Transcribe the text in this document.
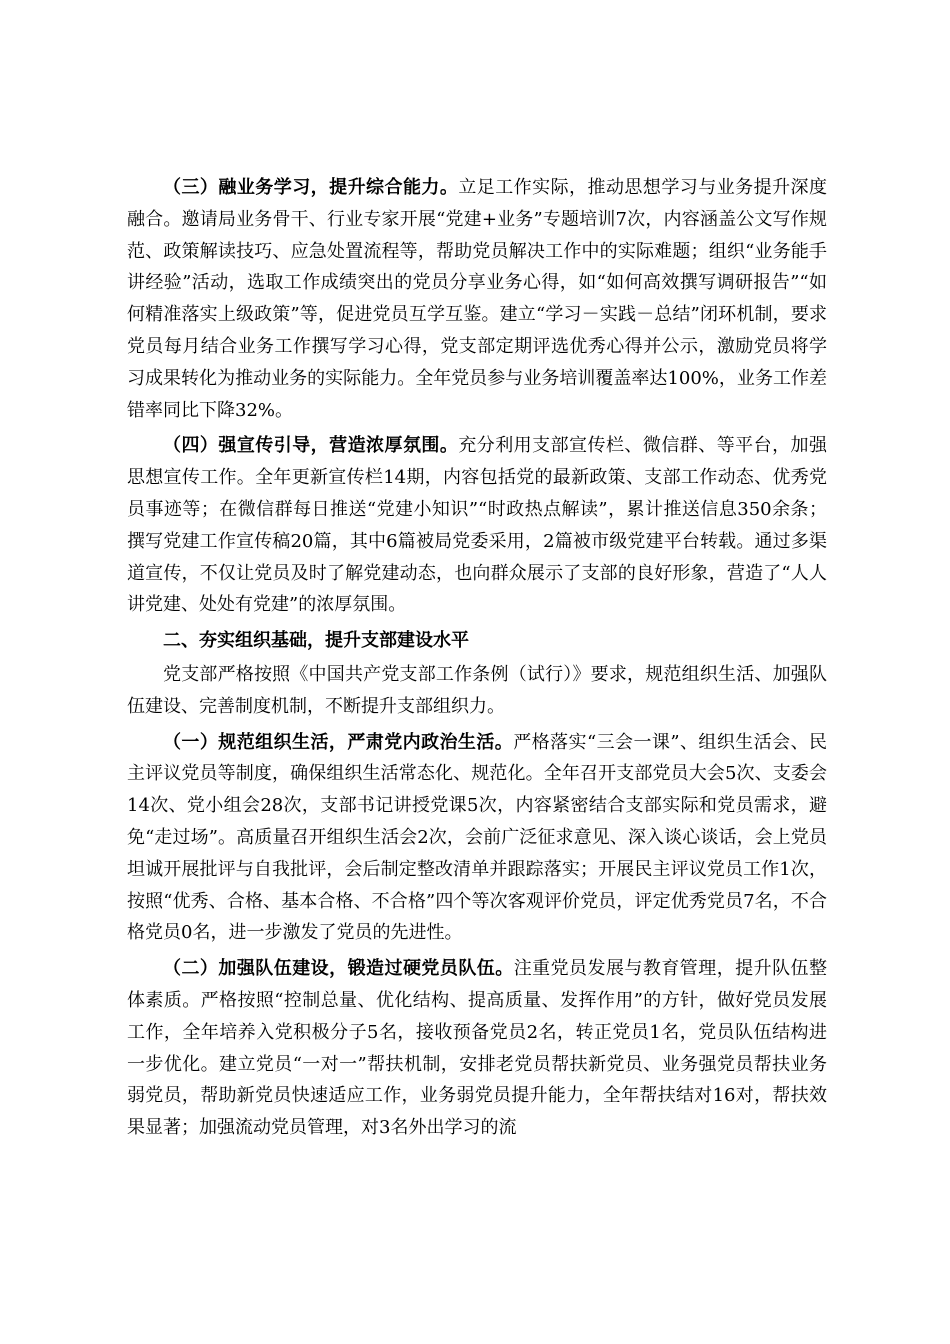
（三）融业务学习，提升综合能力。立足工作实际，推动思想学习与业务提升深度融合。邀请局业务骨干、行业专家开展“党建+业务”专题培训7次，内容涵盖公文写作规范、政策解读技巧、应急处置流程等，帮助党员解决工作中的实际难题；组织“业务能手讲经验”活动，选取工作成绩突出的党员分享业务心得，如“如何高效撰写调研报告”“如何精准落实上级政策”等，促进党员互学互鉴。建立“学习－实践－总结”闭环机制，要求党员每月结合业务工作撰写学习心得，党支部定期评选优秀心得并公示，激励党员将学习成果转化为推动业务的实际能力。全年党员参与业务培训覆盖率达100%，业务工作差错率同比下降32%。

（四）强宣传引导，营造浓厚氛围。充分利用支部宣传栏、微信群、等平台，加强思想宣传工作。全年更新宣传栏14期，内容包括党的最新政策、支部工作动态、优秀党员事迹等；在微信群每日推送“党建小知识”“时政热点解读”，累计推送信息350余条；撰写党建工作宣传稿20篇，其中6篇被局党委采用，2篇被市级党建平台转载。通过多渠道宣传，不仅让党员及时了解党建动态，也向群众展示了支部的良好形象，营造了“人人讲党建、处处有党建”的浓厚氛围。

二、夯实组织基础，提升支部建设水平

党支部严格按照《中国共产党支部工作条例（试行）》要求，规范组织生活、加强队伍建设、完善制度机制，不断提升支部组织力。

（一）规范组织生活，严肃党内政治生活。严格落实“三会一课”、组织生活会、民主评议党员等制度，确保组织生活常态化、规范化。全年召开支部党员大会5次、支委会14次、党小组会28次，支部书记讲授党课5次，内容紧密结合支部实际和党员需求，避免“走过场”。高质量召开组织生活会2次，会前广泛征求意见、深入谈心谈话，会上党员坦诚开展批评与自我批评，会后制定整改清单并跟踪落实；开展民主评议党员工作1次，按照“优秀、合格、基本合格、不合格”四个等次客观评价党员，评定优秀党员7名，不合格党员0名，进一步激发了党员的先进性。

（二）加强队伍建设，锻造过硬党员队伍。注重党员发展与教育管理，提升队伍整体素质。严格按照“控制总量、优化结构、提高质量、发挥作用”的方针，做好党员发展工作，全年培养入党积极分子5名，接收预备党员2名，转正党员1名，党员队伍结构进一步优化。建立党员“一对一”帮扶机制，安排老党员帮扶新党员、业务强党员帮扶业务弱党员，帮助新党员快速适应工作，业务弱党员提升能力，全年帮扶结对16对，帮扶效果显著；加强流动党员管理，对3名外出学习的流
